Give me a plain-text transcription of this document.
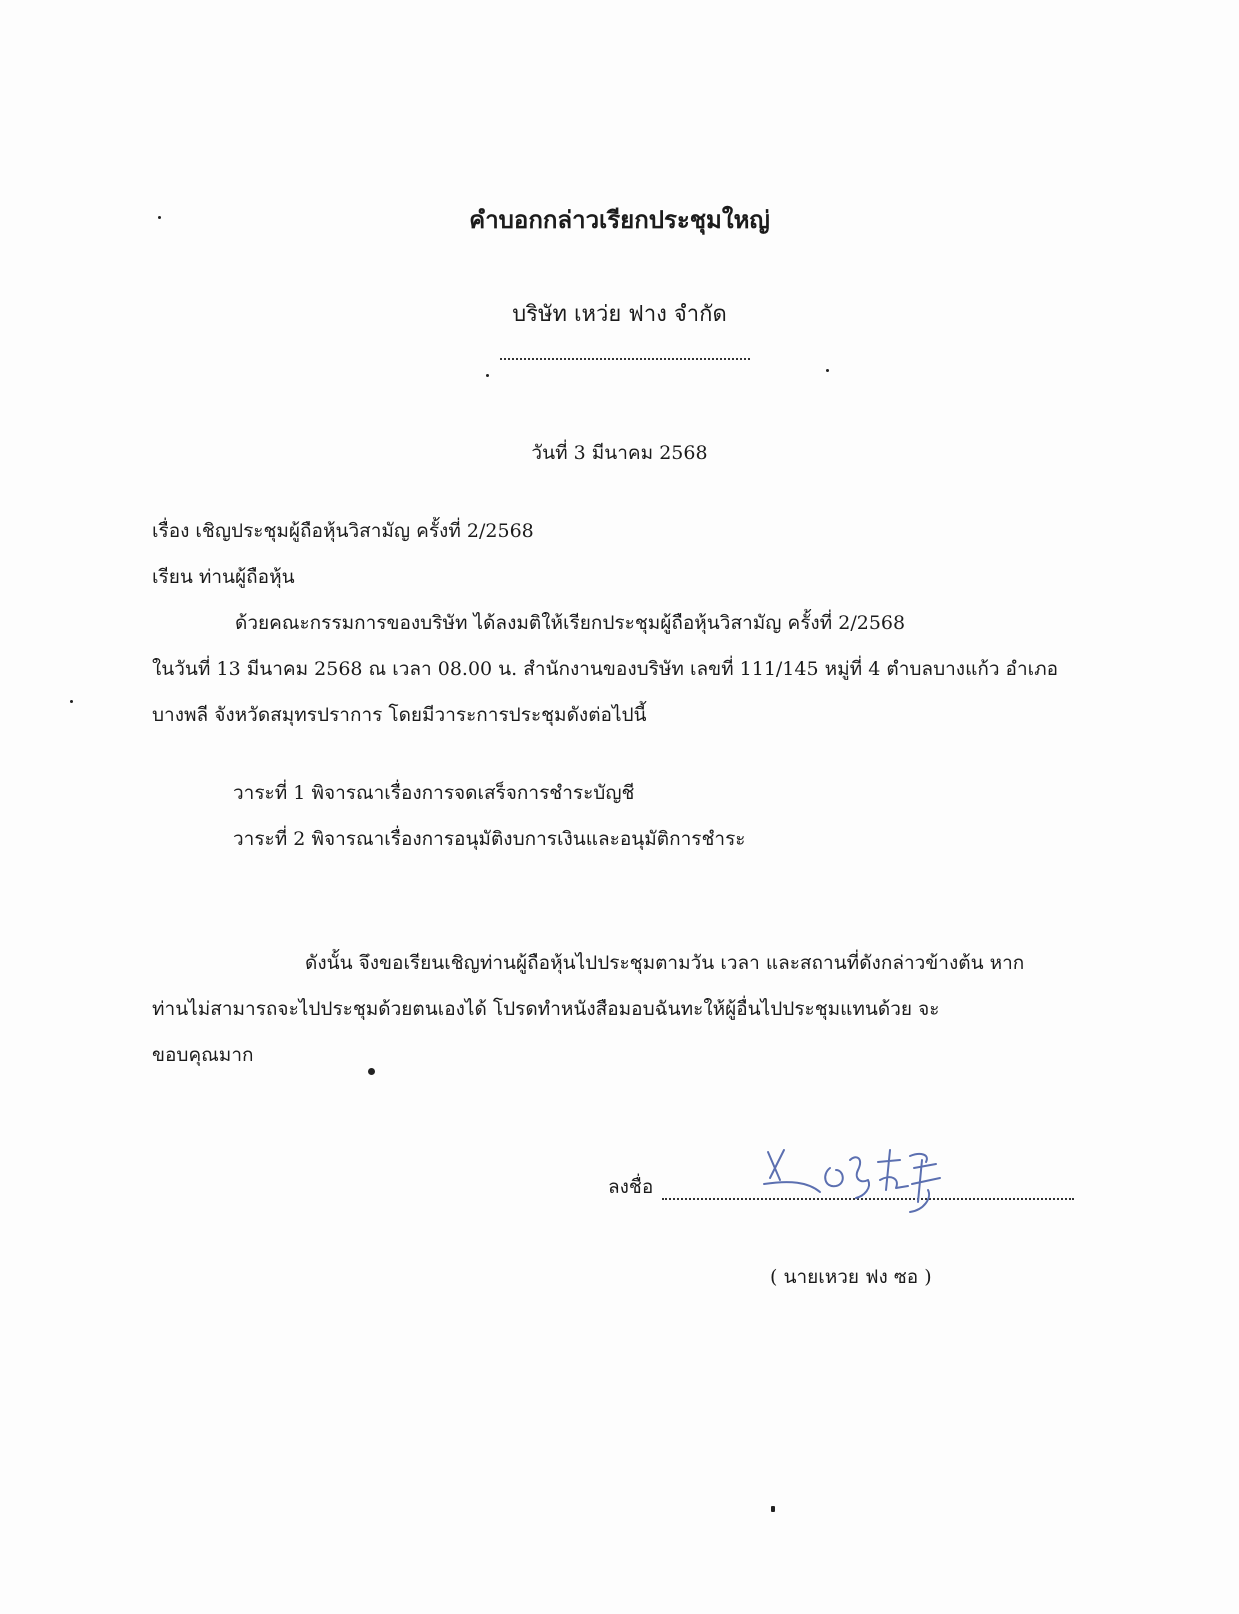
คำบอกกล่าวเรียกประชุมใหญ่
บริษัท เหว่ย ฟาง จำกัด
วันที่ 3 มีนาคม 2568
เรื่อง เชิญประชุมผู้ถือหุ้นวิสามัญ ครั้งที่ 2/2568
เรียน ท่านผู้ถือหุ้น
ด้วยคณะกรรมการของบริษัท ได้ลงมติให้เรียกประชุมผู้ถือหุ้นวิสามัญ ครั้งที่ 2/2568
ในวันที่ 13 มีนาคม 2568 ณ เวลา 08.00 น. สำนักงานของบริษัท เลขที่ 111/145 หมู่ที่ 4 ตำบลบางแก้ว อำเภอ
บางพลี จังหวัดสมุทรปราการ โดยมีวาระการประชุมดังต่อไปนี้
วาระที่ 1 พิจารณาเรื่องการจดเสร็จการชำระบัญชี
วาระที่ 2 พิจารณาเรื่องการอนุมัติงบการเงินและอนุมัติการชำระ
ดังนั้น จึงขอเรียนเชิญท่านผู้ถือหุ้นไปประชุมตามวัน เวลา และสถานที่ดังกล่าวข้างต้น หาก
ท่านไม่สามารถจะไปประชุมด้วยตนเองได้ โปรดทำหนังสือมอบฉันทะให้ผู้อื่นไปประชุมแทนด้วย จะ
ขอบคุณมาก
ลงชื่อ
( นายเหวย ฟง ซอ )
